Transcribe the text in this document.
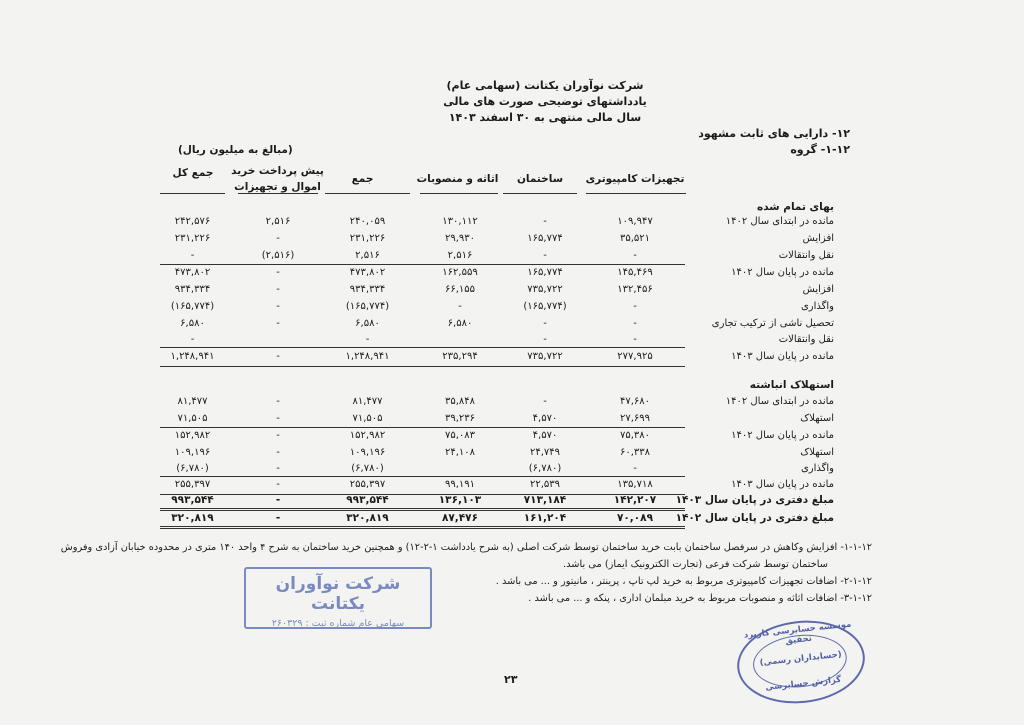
شرکت نوآوران یکتانت (سهامی عام)
یادداشتهای توضیحی صورت های مالی
سال مالی منتهی به ۳۰ اسفند ۱۴۰۳
۱۲- دارایی های ثابت مشهود
۱-۱۲- گروه
(مبالغ به میلیون ریال)
تجهیزات کامپیوتری
ساختمان
اثاثه و منصوبات
جمع
پیش پرداخت خرید
اموال و تجهیزات
جمع کل
بهای تمام شده
مانده در ابتدای سال ۱۴۰۲
۱۰۹,۹۴۷
-
۱۳۰,۱۱۲
۲۴۰,۰۵۹
۲,۵۱۶
۲۴۲,۵۷۶
افزایش
۳۵,۵۲۱
۱۶۵,۷۷۴
۲۹,۹۳۰
۲۳۱,۲۲۶
-
۲۳۱,۲۲۶
نقل وانتقالات
-
-
۲,۵۱۶
۲,۵۱۶
(۲,۵۱۶)
-
مانده در پایان سال ۱۴۰۲
۱۴۵,۴۶۹
۱۶۵,۷۷۴
۱۶۲,۵۵۹
۴۷۳,۸۰۲
-
۴۷۳,۸۰۲
افزایش
۱۳۲,۴۵۶
۷۳۵,۷۲۲
۶۶,۱۵۵
۹۳۴,۳۳۴
-
۹۳۴,۳۳۴
واگذاری
-
(۱۶۵,۷۷۴)
-
(۱۶۵,۷۷۴)
-
(۱۶۵,۷۷۴)
تحصیل ناشی از ترکیب تجاری
-
-
۶,۵۸۰
۶,۵۸۰
-
۶,۵۸۰
نقل وانتقالات
-
-
-
-
مانده در پایان سال ۱۴۰۳
۲۷۷,۹۲۵
۷۳۵,۷۲۲
۲۳۵,۲۹۴
۱,۲۴۸,۹۴۱
-
۱,۲۴۸,۹۴۱
استهلاک انباشته
مانده در ابتدای سال ۱۴۰۲
۴۷,۶۸۰
-
۳۵,۸۴۸
۸۱,۴۷۷
-
۸۱,۴۷۷
استهلاک
۲۷,۶۹۹
۴,۵۷۰
۳۹,۲۳۶
۷۱,۵۰۵
-
۷۱,۵۰۵
مانده در پایان سال ۱۴۰۲
۷۵,۳۸۰
۴,۵۷۰
۷۵,۰۸۳
۱۵۲,۹۸۲
-
۱۵۲,۹۸۲
استهلاک
۶۰,۳۳۸
۲۴,۷۴۹
۲۴,۱۰۸
۱۰۹,۱۹۶
-
۱۰۹,۱۹۶
واگذاری
-
(۶,۷۸۰)
(۶,۷۸۰)
-
(۶,۷۸۰)
مانده در پایان سال ۱۴۰۳
۱۳۵,۷۱۸
۲۲,۵۳۹
۹۹,۱۹۱
۲۵۵,۳۹۷
-
۲۵۵,۳۹۷
مبلغ دفتری در پایان سال ۱۴۰۳
۱۴۲,۲۰۷
۷۱۳,۱۸۴
۱۳۶,۱۰۳
۹۹۳,۵۴۴
-
۹۹۳,۵۴۴
مبلغ دفتری در پایان سال ۱۴۰۲
۷۰,۰۸۹
۱۶۱,۲۰۴
۸۷,۴۷۶
۳۲۰,۸۱۹
-
۳۲۰,۸۱۹
۱-۱-۱۲- افزایش وکاهش در سرفصل ساختمان بابت خرید ساختمان توسط شرکت اصلی (به شرح یادداشت ۱-۲-۱۲) و همچنین خرید ساختمان به شرح ۴ واحد ۱۴۰ متری در محدوده خیابان آزادی وفروش
ساختمان توسط شرکت فرعی (تجارت الکترونیک ایماز) می باشد.
۲-۱-۱۲- اضافات تجهیزات کامپیوتری مربوط به خرید لپ تاپ ، پرینتر ، مانیتور و ... می باشد .
۳-۱-۱۲- اضافات اثاثه و منصوبات مربوط به خرید مبلمان اداری ، پنکه و ... می باشد .
شرکت نوآوران یکتانت
سهامی عام شماره ثبت : ۲۶۰۳۲۹	موسسه حسابرسی کاربرد تحقیق
(حسابداران رسمی)
گزارش حسابرسی
۲۳
